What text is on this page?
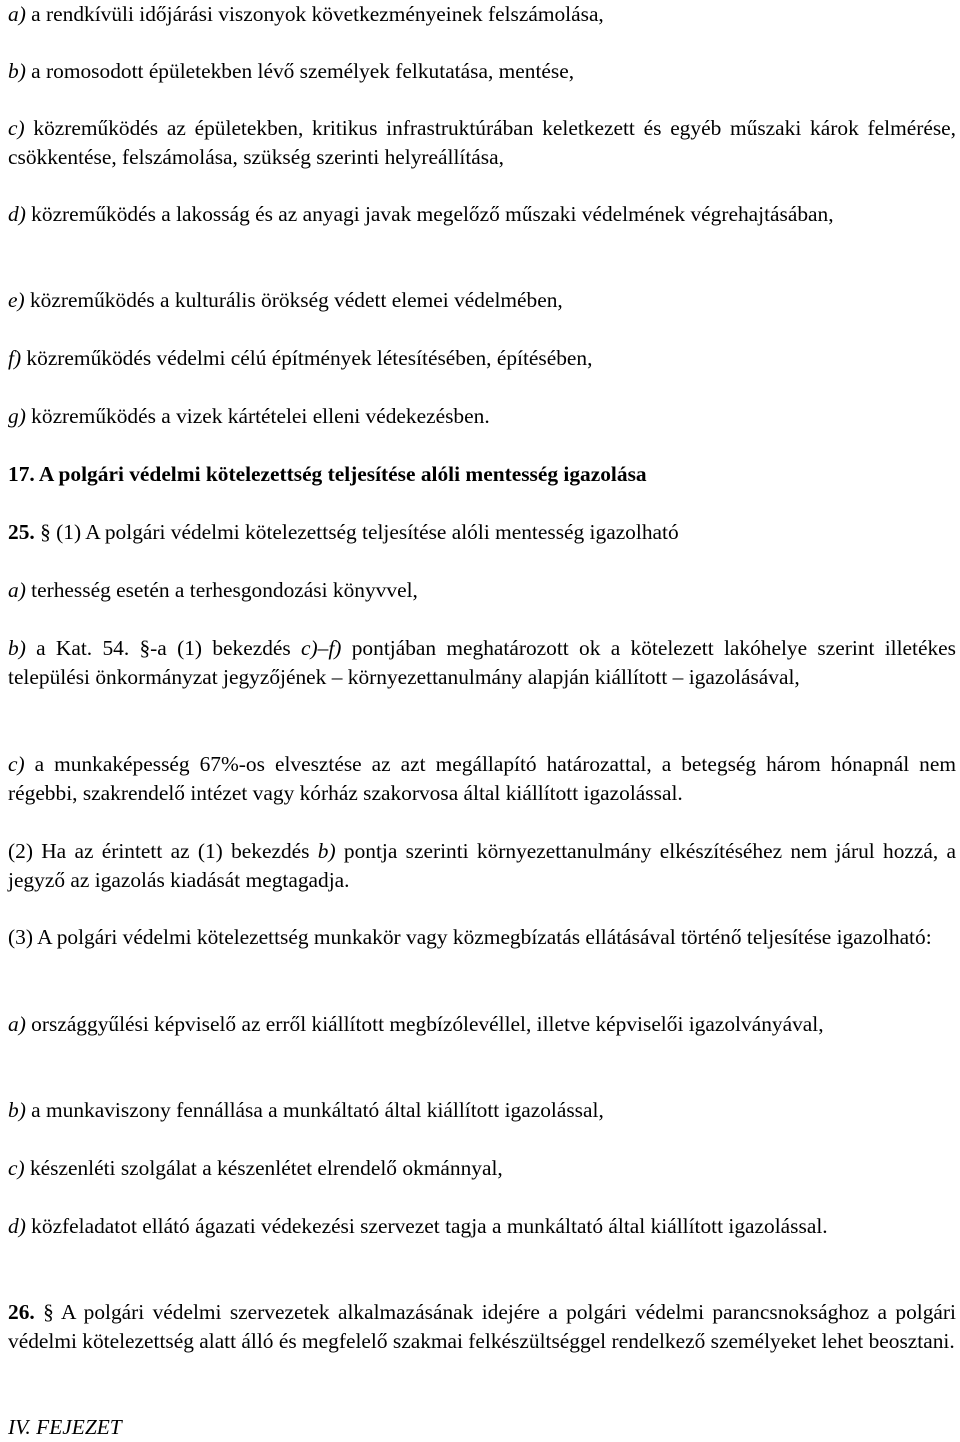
a) a rendkívüli időjárási viszonyok következményeinek felszámolása,

b) a romosodott épületekben lévő személyek felkutatása, mentése,

c) közreműködés az épületekben, kritikus infrastruktúrában keletkezett és egyéb műszaki károk felmérése, csökkentése, felszámolása, szükség szerinti helyreállítása,

d) közreműködés a lakosság és az anyagi javak megelőző műszaki védelmének végrehajtásában,

e) közreműködés a kulturális örökség védett elemei védelmében,

f) közreműködés védelmi célú építmények létesítésében, építésében,

g) közreműködés a vizek kártételei elleni védekezésben.

17. A polgári védelmi kötelezettség teljesítése alóli mentesség igazolása

25. § (1) A polgári védelmi kötelezettség teljesítése alóli mentesség igazolható

a) terhesség esetén a terhesgondozási könyvvel,

b) a Kat. 54. §-a (1) bekezdés c)–f) pontjában meghatározott ok a kötelezett lakóhelye szerint illetékes települési önkormányzat jegyzőjének – környezettanulmány alapján kiállított – igazolásával,

c) a munkaképesség 67%-os elvesztése az azt megállapító határozattal, a betegség három hónapnál nem régebbi, szakrendelő intézet vagy kórház szakorvosa által kiállított igazolással.

(2) Ha az érintett az (1) bekezdés b) pontja szerinti környezettanulmány elkészítéséhez nem járul hozzá, a jegyző az igazolás kiadását megtagadja.

(3) A polgári védelmi kötelezettség munkakör vagy közmegbízatás ellátásával történő teljesítése igazolható:

a) országgyűlési képviselő az erről kiállított megbízólevéllel, illetve képviselői igazolványával,

b) a munkaviszony fennállása a munkáltató által kiállított igazolással,

c) készenléti szolgálat a készenlétet elrendelő okmánnyal,

d) közfeladatot ellátó ágazati védekezési szervezet tagja a munkáltató által kiállított igazolással.

26. § A polgári védelmi szervezetek alkalmazásának idejére a polgári védelmi parancsnoksághoz a polgári védelmi kötelezettség alatt álló és megfelelő szakmai felkészültséggel rendelkező személyeket lehet beosztani.

IV. FEJEZET
